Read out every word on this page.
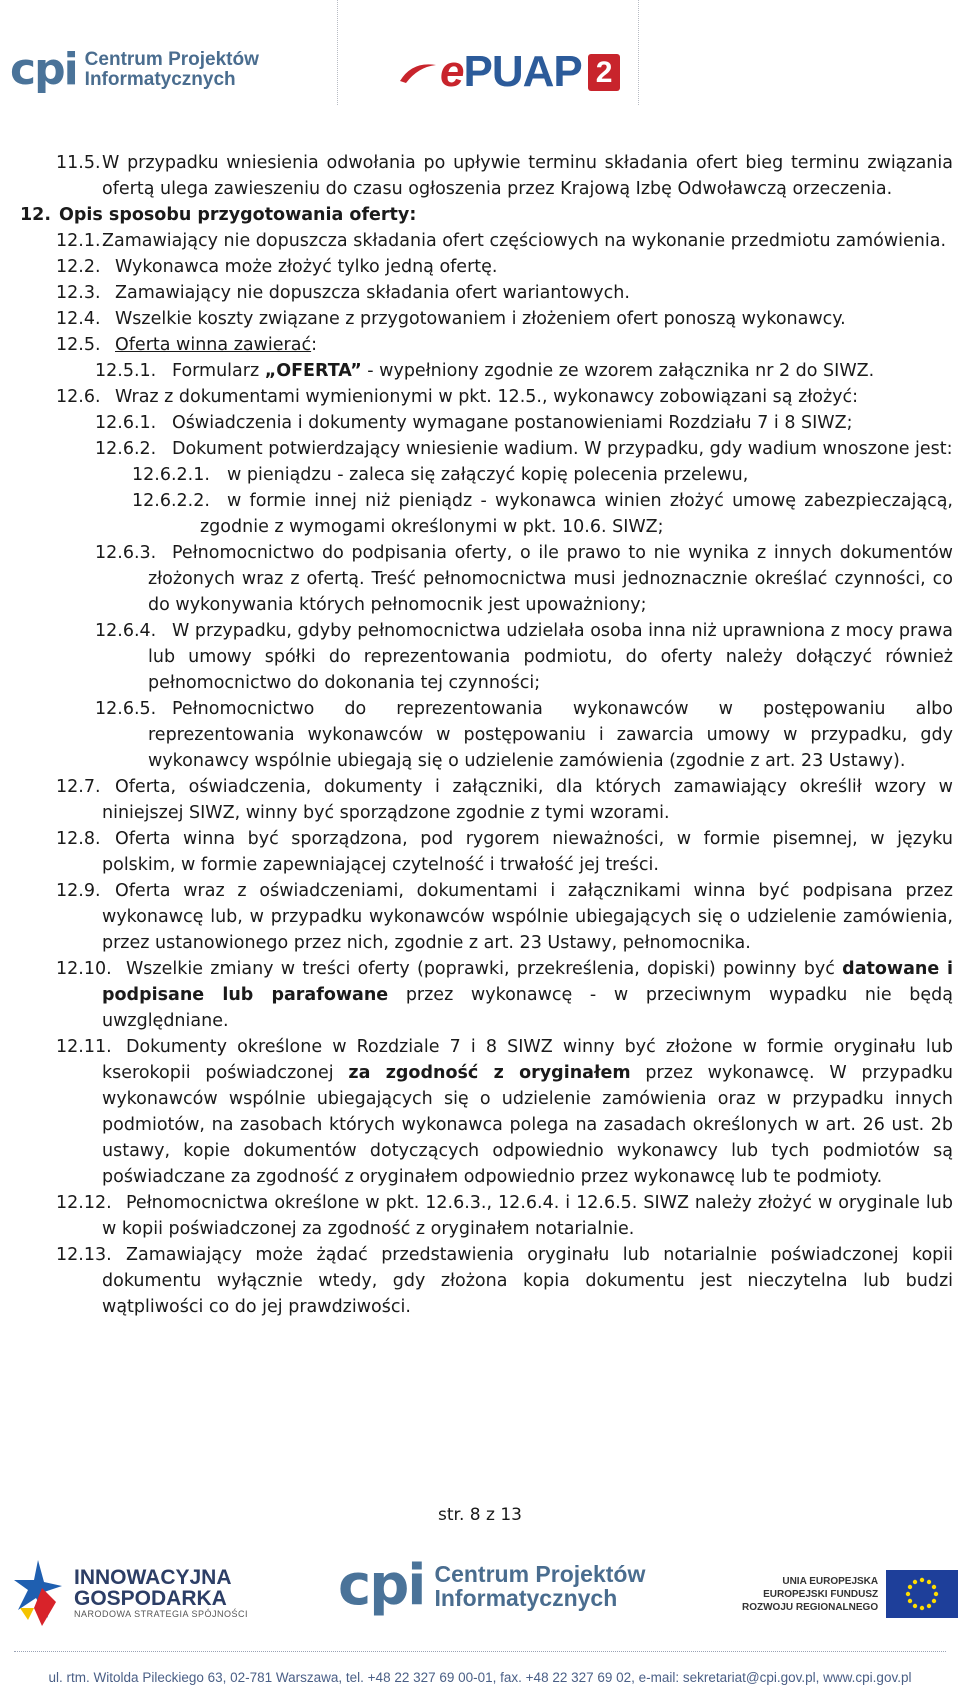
cpi Centrum Projektów
Informatycznych	ePUAP 2
11.5. W przypadku wniesienia odwołania po upływie terminu składania ofert bieg terminu związania ofertą ulega zawieszeniu do czasu ogłoszenia przez Krajową Izbę Odwoławczą orzeczenia.
12. Opis sposobu przygotowania oferty:
12.1. Zamawiający nie dopuszcza składania ofert częściowych na wykonanie przedmiotu zamówienia.
12.2. Wykonawca może złożyć tylko jedną ofertę.
12.3. Zamawiający nie dopuszcza składania ofert wariantowych.
12.4. Wszelkie koszty związane z przygotowaniem i złożeniem ofert ponoszą wykonawcy.
12.5. Oferta winna zawierać:
12.5.1. Formularz „OFERTA” - wypełniony zgodnie ze wzorem załącznika nr 2 do SIWZ.
12.6. Wraz z dokumentami wymienionymi w pkt. 12.5., wykonawcy zobowiązani są złożyć:
12.6.1. Oświadczenia i dokumenty wymagane postanowieniami Rozdziału 7 i 8 SIWZ;
12.6.2. Dokument potwierdzający wniesienie wadium. W przypadku, gdy wadium wnoszone jest:
12.6.2.1. w pieniądzu - zaleca się załączyć kopię polecenia przelewu,
12.6.2.2. w formie innej niż pieniądz - wykonawca winien złożyć umowę zabezpieczającą, zgodnie z wymogami określonymi w pkt. 10.6. SIWZ;
12.6.3. Pełnomocnictwo do podpisania oferty, o ile prawo to nie wynika z innych dokumentów złożonych wraz z ofertą. Treść pełnomocnictwa musi jednoznacznie określać czynności, co do wykonywania których pełnomocnik jest upoważniony;
12.6.4. W przypadku, gdyby pełnomocnictwa udzielała osoba inna niż uprawniona z mocy prawa lub umowy spółki do reprezentowania podmiotu, do oferty należy dołączyć również pełnomocnictwo do dokonania tej czynności;
12.6.5. Pełnomocnictwo do reprezentowania wykonawców w postępowaniu albo reprezentowania wykonawców w postępowaniu i zawarcia umowy w przypadku, gdy wykonawcy wspólnie ubiegają się o udzielenie zamówienia (zgodnie z art. 23 Ustawy).
12.7. Oferta, oświadczenia, dokumenty i załączniki, dla których zamawiający określił wzory w niniejszej SIWZ, winny być sporządzone zgodnie z tymi wzorami.
12.8. Oferta winna być sporządzona, pod rygorem nieważności, w formie pisemnej, w języku polskim, w formie zapewniającej czytelność i trwałość jej treści.
12.9. Oferta wraz z oświadczeniami, dokumentami i załącznikami winna być podpisana przez wykonawcę lub, w przypadku wykonawców wspólnie ubiegających się o udzielenie zamówienia, przez ustanowionego przez nich, zgodnie z art. 23 Ustawy, pełnomocnika.
12.10. Wszelkie zmiany w treści oferty (poprawki, przekreślenia, dopiski) powinny być datowane i podpisane lub parafowane przez wykonawcę - w przeciwnym wypadku nie będą uwzględniane.
12.11. Dokumenty określone w Rozdziale 7 i 8 SIWZ winny być złożone w formie oryginału lub kserokopii poświadczonej za zgodność z oryginałem przez wykonawcę. W przypadku wykonawców wspólnie ubiegających się o udzielenie zamówienia oraz w przypadku innych podmiotów, na zasobach których wykonawca polega na zasadach określonych w art. 26 ust. 2b ustawy, kopie dokumentów dotyczących odpowiednio wykonawcy lub tych podmiotów są poświadczane za zgodność z oryginałem odpowiednio przez wykonawcę lub te podmioty.
12.12. Pełnomocnictwa określone w pkt. 12.6.3., 12.6.4. i 12.6.5. SIWZ należy złożyć w oryginale lub w kopii poświadczonej za zgodność z oryginałem notarialnie.
12.13. Zamawiający może żądać przedstawienia oryginału lub notarialnie poświadczonej kopii dokumentu wyłącznie wtedy, gdy złożona kopia dokumentu jest nieczytelna lub budzi wątpliwości co do jej prawdziwości.
str. 8 z 13
INNOWACYJNA
GOSPODARKA
NARODOWA STRATEGIA SPÓJNOŚCI cpi Centrum Projektów
Informatycznych
UNIA EUROPEJSKA
EUROPEJSKI FUNDUSZ
ROZWOJU REGIONALNEGO
ul. rtm. Witolda Pileckiego 63, 02-781 Warszawa, tel. +48 22 327 69 00-01, fax. +48 22 327 69 02, e-mail: sekretariat@cpi.gov.pl, www.cpi.gov.pl
